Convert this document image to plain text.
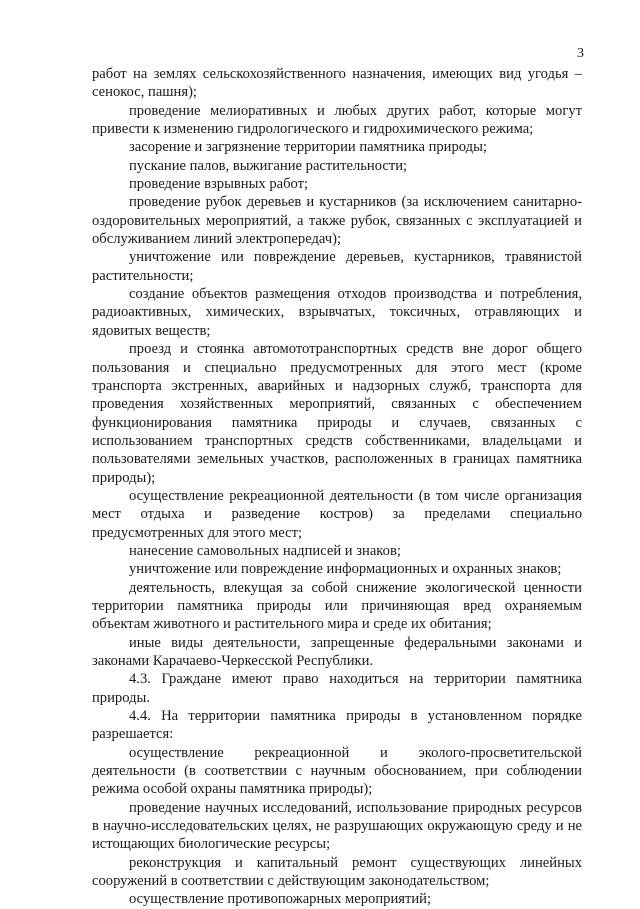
3

работ на землях сельскохозяйственного назначения, имеющих вид угодья – сенокос, пашня);

проведение мелиоративных и любых других работ, которые могут привести к изменению гидрологического и гидрохимического режима;

засорение и загрязнение территории памятника природы;

пускание палов, выжигание растительности;

проведение взрывных работ;

проведение рубок деревьев и кустарников (за исключением санитарно-оздоровительных мероприятий, а также рубок, связанных с эксплуатацией и обслуживанием линий электропередач);

уничтожение или повреждение деревьев, кустарников, травянистой растительности;

создание объектов размещения отходов производства и потребления, радиоактивных, химических, взрывчатых, токсичных, отравляющих и ядовитых веществ;

проезд и стоянка автомототранспортных средств вне дорог общего пользования и специально предусмотренных для этого мест (кроме транспорта экстренных, аварийных и надзорных служб, транспорта для проведения хозяйственных мероприятий, связанных с обеспечением функционирования памятника природы и случаев, связанных с использованием транспортных средств собственниками, владельцами и пользователями земельных участков, расположенных в границах памятника природы);

осуществление рекреационной деятельности (в том числе организация мест отдыха и разведение костров) за пределами специально предусмотренных для этого мест;

нанесение самовольных надписей и знаков;

уничтожение или повреждение информационных и охранных знаков;

деятельность, влекущая за собой снижение экологической ценности территории памятника природы или причиняющая вред охраняемым объектам животного и растительного мира и среде их обитания;

иные виды деятельности, запрещенные федеральными законами и законами Карачаево-Черкесской Республики.

4.3. Граждане имеют право находиться на территории памятника природы.

4.4. На территории памятника природы в установленном порядке разрешается:

осуществление рекреационной и эколого-просветительской деятельности (в соответствии с научным обоснованием, при соблюдении режима особой охраны памятника природы);

проведение научных исследований, использование природных ресурсов в научно-исследовательских целях, не разрушающих окружающую среду и не истощающих биологические ресурсы;

реконструкция и капитальный ремонт существующих линейных сооружений в соответствии с действующим законодательством;

осуществление противопожарных мероприятий;
